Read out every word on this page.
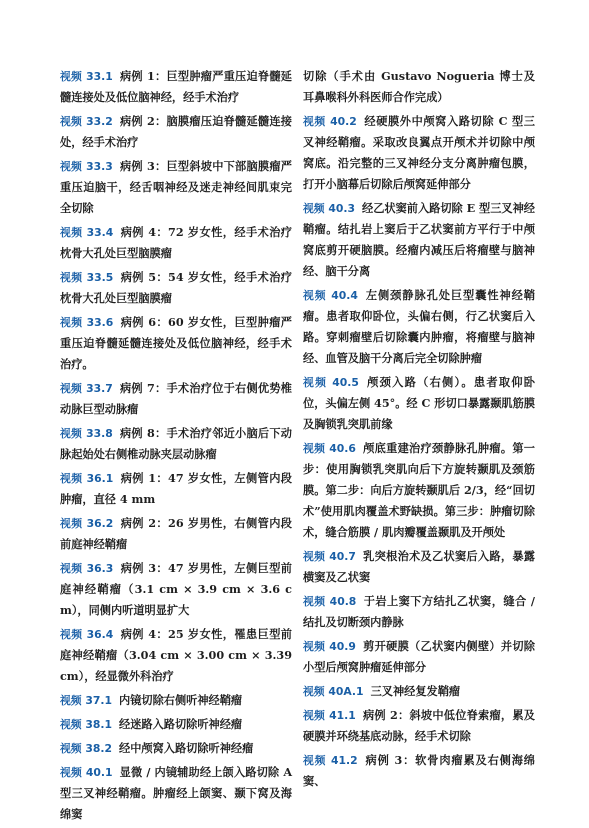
视频 33.1 病例 1：巨型肿瘤严重压迫脊髓延髓连接处及低位脑神经，经手术治疗

视频 33.2 病例 2：脑膜瘤压迫脊髓延髓连接处，经手术治疗

视频 33.3 病例 3：巨型斜坡中下部脑膜瘤严重压迫脑干，经舌咽神经及迷走神经间肌束完全切除

视频 33.4 病例 4：72 岁女性，经手术治疗枕骨大孔处巨型脑膜瘤

视频 33.5 病例 5：54 岁女性，经手术治疗枕骨大孔处巨型脑膜瘤

视频 33.6 病例 6：60 岁女性，巨型肿瘤严重压迫脊髓延髓连接处及低位脑神经，经手术治疗。

视频 33.7 病例 7：手术治疗位于右侧优势椎动脉巨型动脉瘤

视频 33.8 病例 8：手术治疗邻近小脑后下动脉起始处右侧椎动脉夹层动脉瘤

视频 36.1 病例 1：47 岁女性，左侧管内段肿瘤，直径 4 mm

视频 36.2 病例 2：26 岁男性，右侧管内段前庭神经鞘瘤

视频 36.3 病例 3：47 岁男性，左侧巨型前庭神经鞘瘤（3.1 cm × 3.9 cm × 3.6 cm），同侧内听道明显扩大

视频 36.4 病例 4：25 岁女性，罹患巨型前庭神经鞘瘤（3.04 cm × 3.00 cm × 3.39 cm），经显微外科治疗

视频 37.1 内镜切除右侧听神经鞘瘤

视频 38.1 经迷路入路切除听神经瘤

视频 38.2 经中颅窝入路切除听神经瘤

视频 40.1 显微 / 内镜辅助经上颌入路切除 A 型三叉神经鞘瘤。肿瘤经上颌窦、颞下窝及海绵窦

切除（手术由 Gustavo Nogueria 博士及耳鼻喉科外科医师合作完成）

视频 40.2 经硬膜外中颅窝入路切除 C 型三叉神经鞘瘤。采取改良翼点开颅术并切除中颅窝底。沿完整的三叉神经分支分离肿瘤包膜，打开小脑幕后切除后颅窝延伸部分

视频 40.3 经乙状窦前入路切除 E 型三叉神经鞘瘤。结扎岩上窦后于乙状窦前方平行于中颅窝底剪开硬脑膜。经瘤内减压后将瘤壁与脑神经、脑干分离

视频 40.4 左侧颈静脉孔处巨型囊性神经鞘瘤。患者取仰卧位，头偏右侧，行乙状窦后入路。穿刺瘤壁后切除囊内肿瘤，将瘤壁与脑神经、血管及脑干分离后完全切除肿瘤

视频 40.5 颅颈入路（右侧）。患者取仰卧位，头偏左侧 45°。经 C 形切口暴露颞肌筋膜及胸锁乳突肌前缘

视频 40.6 颅底重建治疗颈静脉孔肿瘤。第一步：使用胸锁乳突肌向后下方旋转颞肌及颈筋膜。第二步：向后方旋转颞肌后 2/3，经“回切术”使用肌肉覆盖术野缺损。第三步：肿瘤切除术，缝合筋膜 / 肌肉瓣覆盖颞肌及开颅处

视频 40.7 乳突根治术及乙状窦后入路，暴露横窦及乙状窦

视频 40.8 于岩上窦下方结扎乙状窦，缝合 / 结扎及切断颈内静脉

视频 40.9 剪开硬膜（乙状窦内侧壁）并切除小型后颅窝肿瘤延伸部分

视频 40A.1 三叉神经复发鞘瘤

视频 41.1 病例 2：斜坡中低位脊索瘤，累及硬膜并环绕基底动脉，经手术切除

视频 41.2 病例 3：软骨肉瘤累及右侧海绵窦、
